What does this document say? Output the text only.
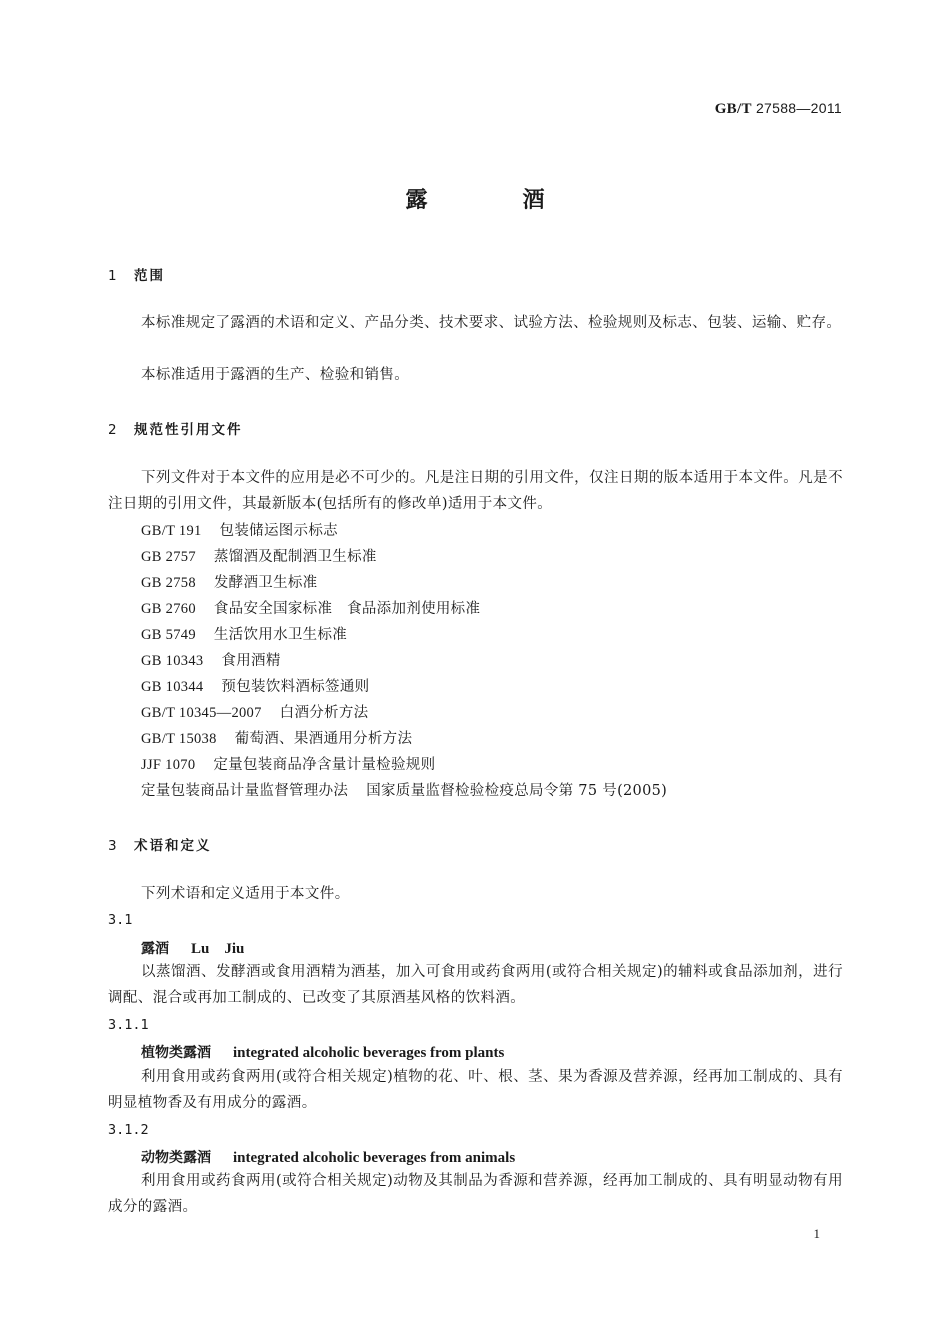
GB/T 27588—2011
露	酒
1 范围
本标准规定了露酒的术语和定义、产品分类、技术要求、试验方法、检验规则及标志、包装、运输、贮存。
本标准适用于露酒的生产、检验和销售。
2 规范性引用文件
下列文件对于本文件的应用是必不可少的。凡是注日期的引用文件，仅注日期的版本适用于本文件。凡是不注日期的引用文件，其最新版本(包括所有的修改单)适用于本文件。
GB/T 191 包装储运图示标志
GB 2757 蒸馏酒及配制酒卫生标准
GB 2758 发酵酒卫生标准
GB 2760 食品安全国家标准　食品添加剂使用标准
GB 5749 生活饮用水卫生标准
GB 10343 食用酒精
GB 10344 预包装饮料酒标签通则
GB/T 10345—2007 白酒分析方法
GB/T 15038 葡萄酒、果酒通用分析方法
JJF 1070 定量包装商品净含量计量检验规则
定量包装商品计量监督管理办法 国家质量监督检验检疫总局令第 75 号(2005)
3 术语和定义
下列术语和定义适用于本文件。
3.1
露酒 Lu　Jiu
以蒸馏酒、发酵酒或食用酒精为酒基，加入可食用或药食两用(或符合相关规定)的辅料或食品添加剂，进行调配、混合或再加工制成的、已改变了其原酒基风格的饮料酒。
3.1.1
植物类露酒 integrated alcoholic beverages from plants
利用食用或药食两用(或符合相关规定)植物的花、叶、根、茎、果为香源及营养源，经再加工制成的、具有明显植物香及有用成分的露酒。
3.1.2
动物类露酒 integrated alcoholic beverages from animals
利用食用或药食两用(或符合相关规定)动物及其制品为香源和营养源，经再加工制成的、具有明显动物有用成分的露酒。
1
